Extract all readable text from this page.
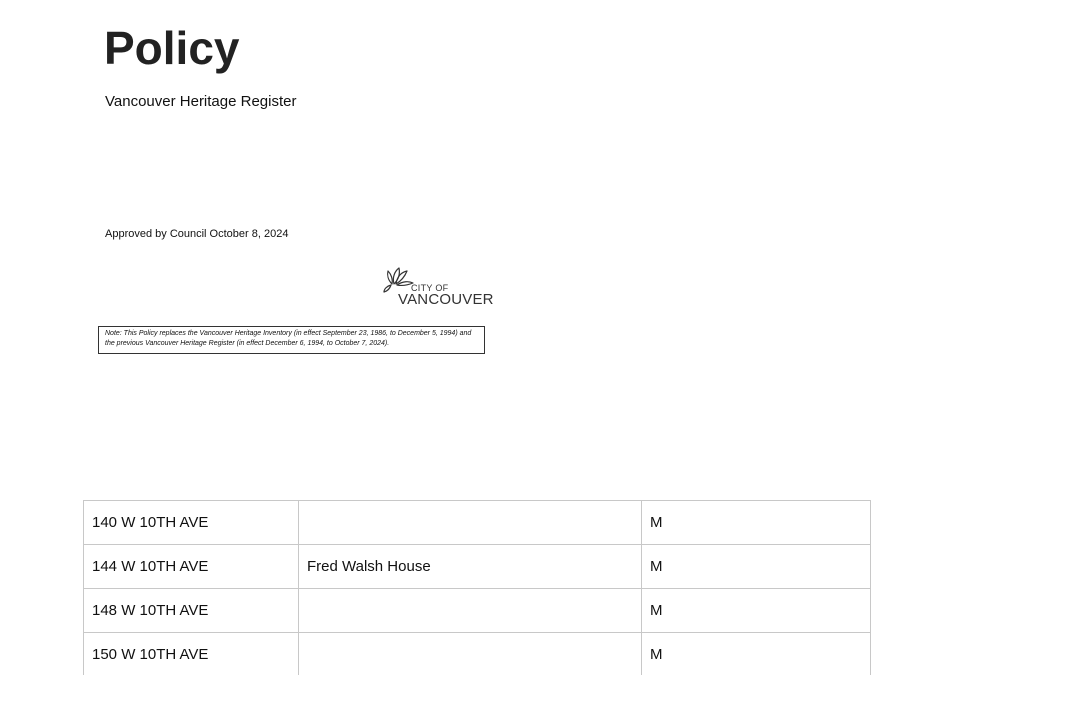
Policy

Vancouver Heritage Register

Approved by Council October 8, 2024

CITY OF
VANCOUVER
Note: This Policy replaces the Vancouver Heritage Inventory (in effect September 23, 1986, to December 5, 1994) and the previous Vancouver Heritage Register (in effect December 6, 1994, to October 7, 2024).
140 W 10TH AVE		M
144 W 10TH AVE	Fred Walsh House	M
148 W 10TH AVE		M
150 W 10TH AVE		M
